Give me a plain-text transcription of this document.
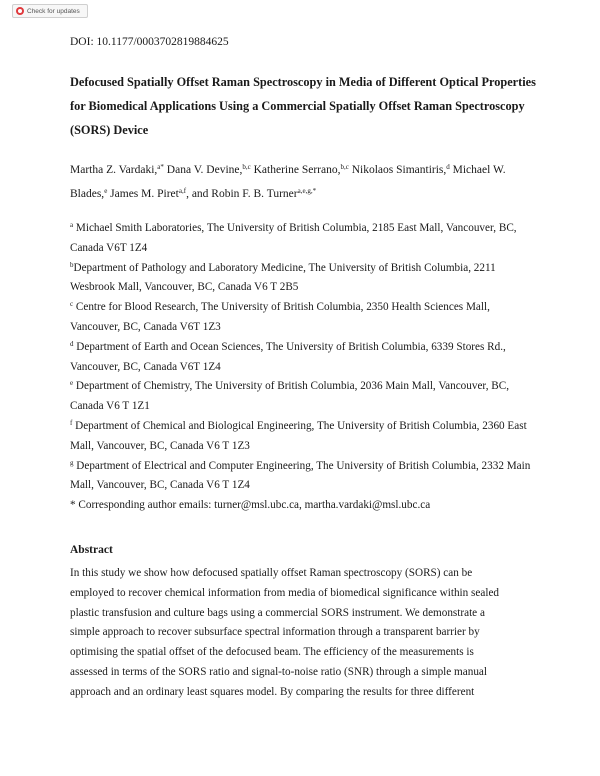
Check for updates
DOI: 10.1177/0003702819884625
Defocused Spatially Offset Raman Spectroscopy in Media of Different Optical Properties for Biomedical Applications Using a Commercial Spatially Offset Raman Spectroscopy (SORS) Device
Martha Z. Vardaki,$^{a*}$ Dana V. Devine,$^{b,c}$ Katherine Serrano,$^{b,c}$ Nikolaos Simantiris,$^d$ Michael W. Blades,$^e$ James M. Piret$^{a,f}$, and Robin F. B. Turner$^{a,e,g,*}$

$^a$ Michael Smith Laboratories, The University of British Columbia, 2185 East Mall, Vancouver, BC, Canada V6T 1Z4

$^b$Department of Pathology and Laboratory Medicine, The University of British Columbia, 2211 Wesbrook Mall, Vancouver, BC, Canada V6 T 2B5

$^c$ Centre for Blood Research, The University of British Columbia, 2350 Health Sciences Mall, Vancouver, BC, Canada V6T 1Z3

$^d$ Department of Earth and Ocean Sciences, The University of British Columbia, 6339 Stores Rd., Vancouver, BC, Canada V6T 1Z4

$^e$ Department of Chemistry, The University of British Columbia, 2036 Main Mall, Vancouver, BC, Canada V6 T 1Z1

$^f$ Department of Chemical and Biological Engineering, The University of British Columbia, 2360 East Mall, Vancouver, BC, Canada V6 T 1Z3

$^g$ Department of Electrical and Computer Engineering, The University of British Columbia, 2332 Main Mall, Vancouver, BC, Canada V6 T 1Z4

* Corresponding author emails: turner@msl.ubc.ca, martha.vardaki@msl.ubc.ca

Abstract
In this study we show how defocused spatially offset Raman spectroscopy (SORS) can be
employed to recover chemical information from media of biomedical significance within sealed
plastic transfusion and culture bags using a commercial SORS instrument. We demonstrate a
simple approach to recover subsurface spectral information through a transparent barrier by
optimising the spatial offset of the defocused beam. The efficiency of the measurements is
assessed in terms of the SORS ratio and signal-to-noise ratio (SNR) through a simple manual
approach and an ordinary least squares model. By comparing the results for three different
